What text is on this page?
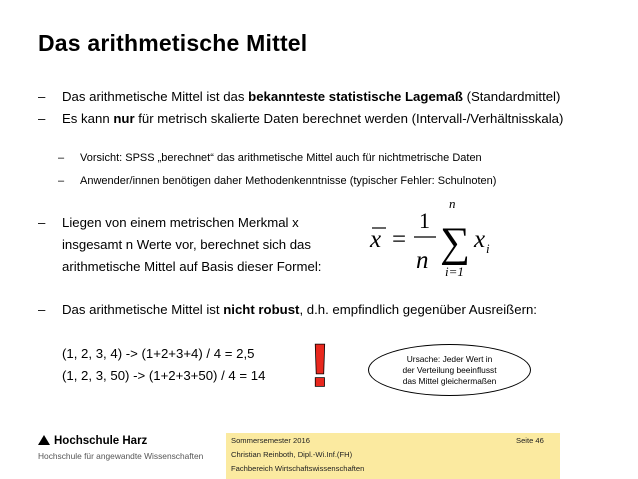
Das arithmetische Mittel
– Das arithmetische Mittel ist das bekannteste statistische Lagemaß (Standardmittel)
– Es kann nur für metrisch skalierte Daten berechnet werden (Intervall-/Verhältnisskala)
– Vorsicht: SPSS „berechnet“ das arithmetische Mittel auch für nichtmetrische Daten
– Anwender/innen benötigen daher Methodenkenntnisse (typischer Fehler: Schulnoten)
– Liegen von einem metrischen Merkmal x
insgesamt n Werte vor, berechnet sich das
arithmetische Mittel auf Basis dieser Formel:
x =
1
n
n
∑
i=1
x i
– Das arithmetische Mittel ist nicht robust, d.h. empfindlich gegenüber Ausreißern:
(1, 2, 3, 4) -> (1+2+3+4) / 4 = 2,5
(1, 2, 3, 50) -> (1+2+3+50) / 4 = 14 !	Ursache: Jeder Wert in
der Verteilung beeinflusst
das Mittel gleichermaßen
Hochschule Harz
Hochschule für angewandte Wissenschaften
Sommersemester 2016
Christian Reinboth, Dipl.-Wi.Inf.(FH)
Fachbereich Wirtschaftswissenschaften
Seite 46
